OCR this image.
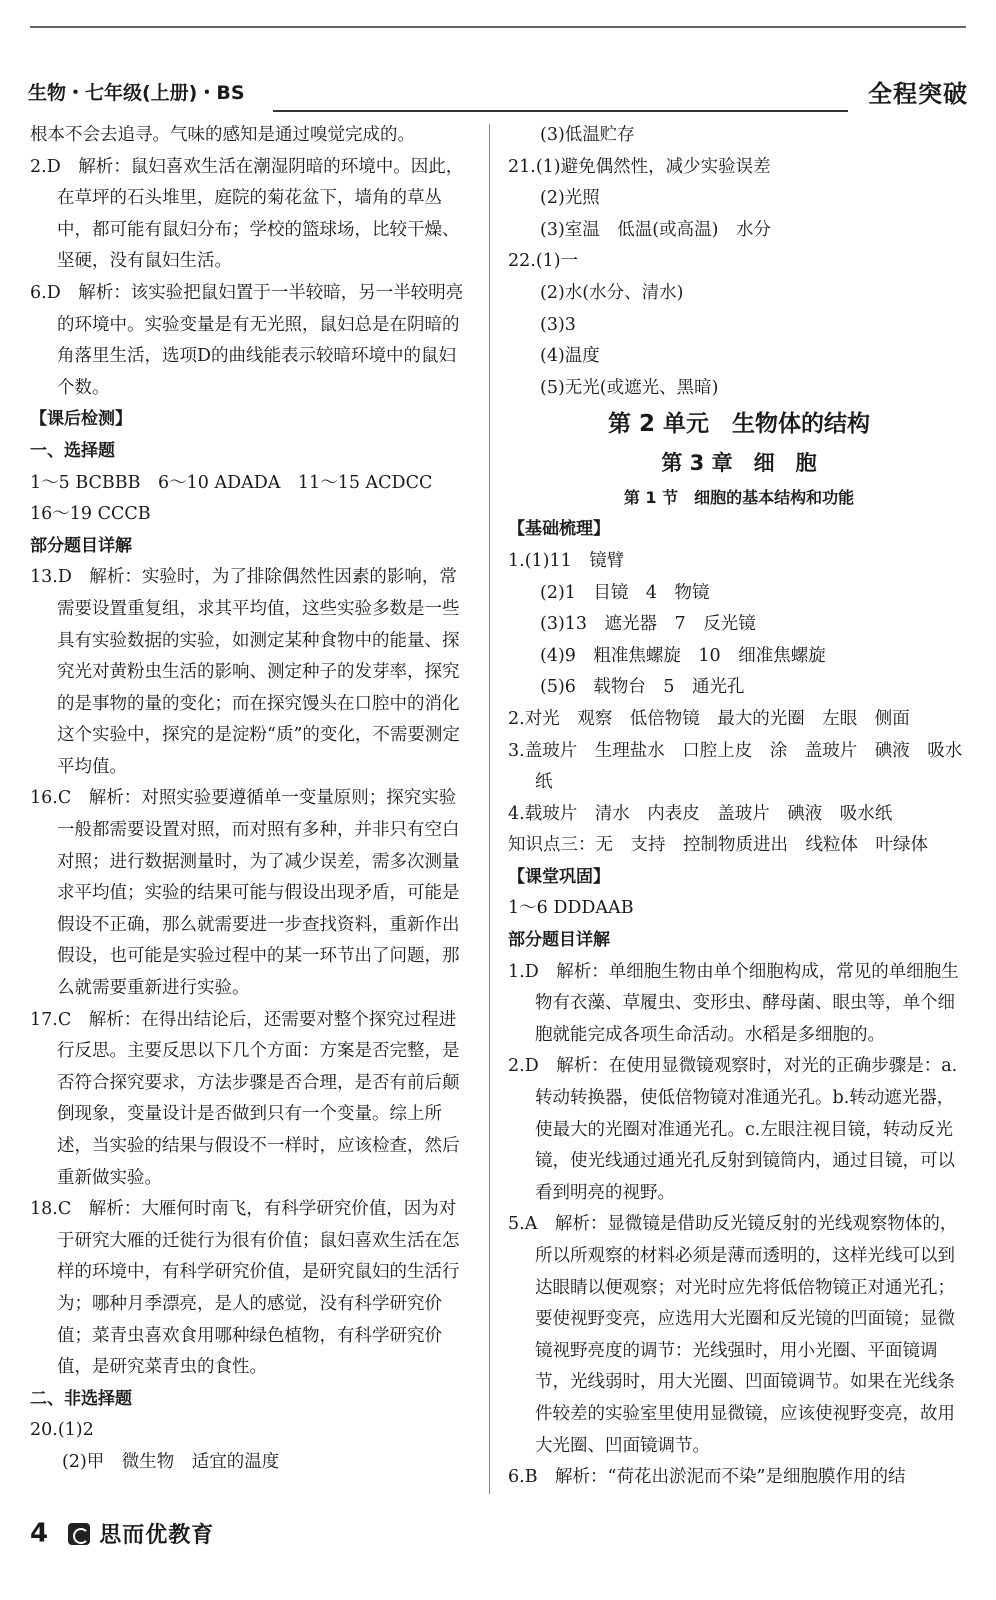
生物・七年级(上册)・BS	全程突破

根本不会去追寻。气味的感知是通过嗅觉完成的。

2.D　解析：鼠妇喜欢生活在潮湿阴暗的环境中。因此，在草坪的石头堆里，庭院的菊花盆下，墙角的草丛中，都可能有鼠妇分布；学校的篮球场，比较干燥、坚硬，没有鼠妇生活。

6.D　解析：该实验把鼠妇置于一半较暗，另一半较明亮的环境中。实验变量是有无光照，鼠妇总是在阴暗的角落里生活，选项D的曲线能表示较暗环境中的鼠妇个数。

【课后检测】

一、选择题

1～5 BCBBB　6～10 ADADA　11～15 ACDCC

16～19 CCCB

部分题目详解

13.D　解析：实验时，为了排除偶然性因素的影响，常需要设置重复组，求其平均值，这些实验多数是一些具有实验数据的实验，如测定某种食物中的能量、探究光对黄粉虫生活的影响、测定种子的发芽率，探究的是事物的量的变化；而在探究馒头在口腔中的消化这个实验中，探究的是淀粉“质”的变化，不需要测定平均值。

16.C　解析：对照实验要遵循单一变量原则；探究实验一般都需要设置对照，而对照有多种，并非只有空白对照；进行数据测量时，为了减少误差，需多次测量求平均值；实验的结果可能与假设出现矛盾，可能是假设不正确，那么就需要进一步查找资料，重新作出假设，也可能是实验过程中的某一环节出了问题，那么就需要重新进行实验。

17.C　解析：在得出结论后，还需要对整个探究过程进行反思。主要反思以下几个方面：方案是否完整，是否符合探究要求，方法步骤是否合理，是否有前后颠倒现象，变量设计是否做到只有一个变量。综上所述，当实验的结果与假设不一样时，应该检查，然后重新做实验。

18.C　解析：大雁何时南飞，有科学研究价值，因为对于研究大雁的迁徙行为很有价值；鼠妇喜欢生活在怎样的环境中，有科学研究价值，是研究鼠妇的生活行为；哪种月季漂亮，是人的感觉，没有科学研究价值；菜青虫喜欢食用哪种绿色植物，有科学研究价值，是研究菜青虫的食性。

二、非选择题

20.(1)2

(2)甲　微生物　适宜的温度

(3)低温贮存

21.(1)避免偶然性，减少实验误差

(2)光照

(3)室温　低温(或高温)　水分

22.(1)一

(2)水(水分、清水)

(3)3

(4)温度

(5)无光(或遮光、黑暗)

第 2 单元　生物体的结构

第 3 章　细　胞

第 1 节　细胞的基本结构和功能

【基础梳理】

1.(1)11　镜臂

(2)1　目镜　4　物镜

(3)13　遮光器　7　反光镜

(4)9　粗准焦螺旋　10　细准焦螺旋

(5)6　载物台　5　通光孔

2.对光　观察　低倍物镜　最大的光圈　左眼　侧面

3.盖玻片　生理盐水　口腔上皮　涂　盖玻片　碘液　吸水纸

4.载玻片　清水　内表皮　盖玻片　碘液　吸水纸

知识点三：无　支持　控制物质进出　线粒体　叶绿体

【课堂巩固】

1～6 DDDAAB

部分题目详解

1.D　解析：单细胞生物由单个细胞构成，常见的单细胞生物有衣藻、草履虫、变形虫、酵母菌、眼虫等，单个细胞就能完成各项生命活动。水稻是多细胞的。

2.D　解析：在使用显微镜观察时，对光的正确步骤是：a.转动转换器，使低倍物镜对准通光孔。b.转动遮光器，使最大的光圈对准通光孔。c.左眼注视目镜，转动反光镜，使光线通过通光孔反射到镜筒内，通过目镜，可以看到明亮的视野。

5.A　解析：显微镜是借助反光镜反射的光线观察物体的，所以所观察的材料必须是薄而透明的，这样光线可以到达眼睛以便观察；对光时应先将低倍物镜正对通光孔；要使视野变亮，应选用大光圈和反光镜的凹面镜；显微镜视野亮度的调节：光线强时，用小光圈、平面镜调节，光线弱时，用大光圈、凹面镜调节。如果在光线条件较差的实验室里使用显微镜，应该使视野变亮，故用大光圈、凹面镜调节。

6.B　解析：“荷花出淤泥而不染”是细胞膜作用的结

4 思而优教育
